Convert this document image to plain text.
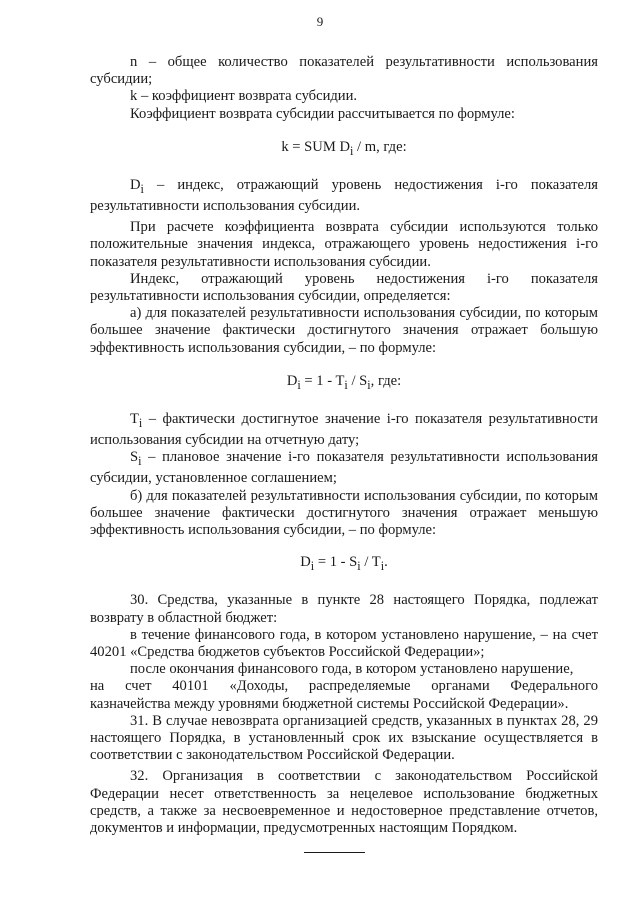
9

n – общее количество показателей результативности использования субсидии;

k – коэффициент возврата субсидии.

Коэффициент возврата субсидии рассчитывается по формуле:

k = SUM $D_i$ / m, где:

$D_i$ – индекс, отражающий уровень недостижения i-го показателя результативности использования субсидии.

При расчете коэффициента возврата субсидии используются только положительные значения индекса, отражающего уровень недостижения i-го показателя результативности использования субсидии.

Индекс, отражающий уровень недостижения i-го показателя результативности использования субсидии, определяется:

а) для показателей результативности использования субсидии, по которым большее значение фактически достигнутого значения отражает большую эффективность использования субсидии, – по формуле:

$D_i = 1 - T_i / S_i$, где:

$T_i$ – фактически достигнутое значение i-го показателя результативности использования субсидии на отчетную дату;

$S_i$ – плановое значение i-го показателя результативности использования субсидии, установленное соглашением;

б) для показателей результативности использования субсидии, по которым большее значение фактически достигнутого значения отражает меньшую эффективность использования субсидии, – по формуле:

$D_i = 1 - S_i / T_i$.

30. Средства, указанные в пункте 28 настоящего Порядка, подлежат возврату в областной бюджет:

в течение финансового года, в котором установлено нарушение, – на счет 40201 «Средства бюджетов субъектов Российской Федерации»;

после окончания финансового года, в котором установлено нарушение,

на счет 40101 «Доходы, распределяемые органами Федерального

казначейства между уровнями бюджетной системы Российской Федерации».

31. В случае невозврата организацией средств, указанных в пунктах 28, 29 настоящего Порядка, в установленный срок их взыскание осуществляется в соответствии с законодательством Российской Федерации.

32. Организация в соответствии с законодательством Российской Федерации несет ответственность за нецелевое использование бюджетных средств, а также за несвоевременное и недостоверное представление отчетов, документов и информации, предусмотренных настоящим Порядком.
